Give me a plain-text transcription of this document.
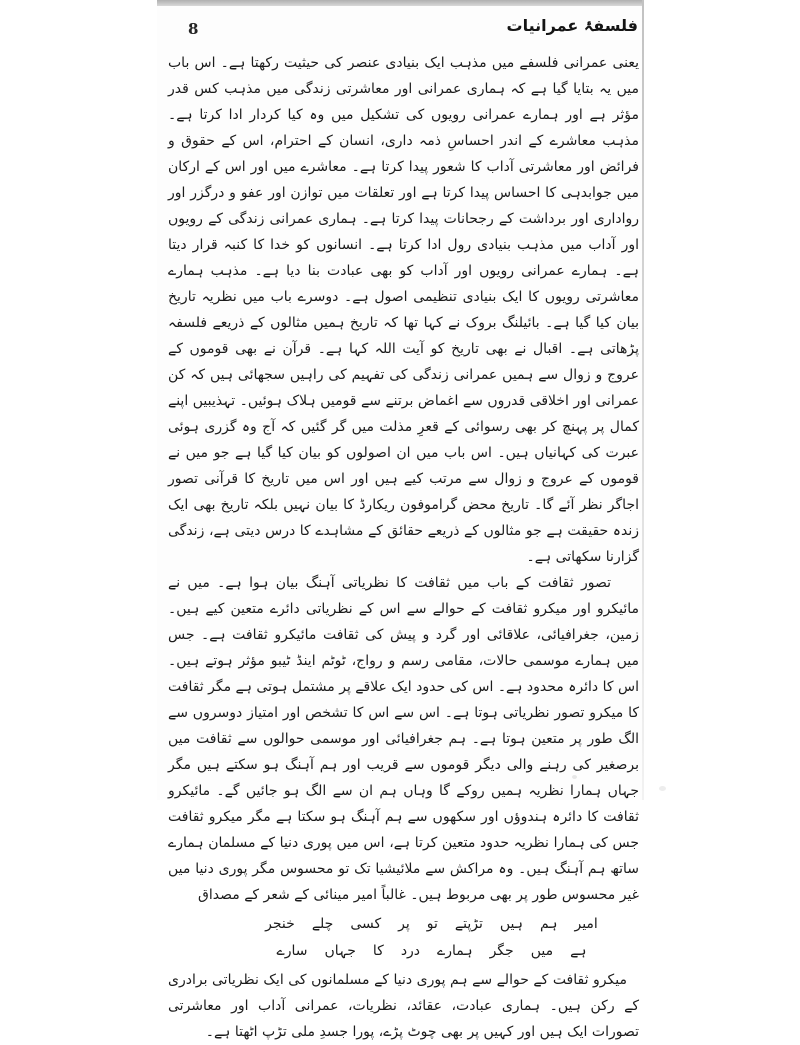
8	فلسفۂ عمرانیات

یعنی عمرانی فلسفے میں مذہب ایک بنیادی عنصر کی حیثیت رکھتا ہے۔ اس باب میں یہ بتایا گیا ہے کہ ہماری عمرانی اور معاشرتی زندگی میں مذہب کس قدر مؤثر ہے اور ہمارے عمرانی رویوں کی تشکیل میں وہ کیا کردار ادا کرتا ہے۔ مذہب معاشرے کے اندر احساسِ ذمہ داری، انسان کے احترام، اس کے حقوق و فرائض اور معاشرتی آداب کا شعور پیدا کرتا ہے۔ معاشرے میں اور اس کے ارکان میں جوابدہی کا احساس پیدا کرتا ہے اور تعلقات میں توازن اور عفو و درگزر اور رواداری اور برداشت کے رجحانات پیدا کرتا ہے۔ ہماری عمرانی زندگی کے رویوں اور آداب میں مذہب بنیادی رول ادا کرتا ہے۔ انسانوں کو خدا کا کنبہ قرار دیتا ہے۔ ہمارے عمرانی رویوں اور آداب کو بھی عبادت بنا دیا ہے۔ مذہب ہمارے معاشرتی رویوں کا ایک بنیادی تنظیمی اصول ہے۔ دوسرے باب میں نظریہ تاریخ بیان کیا گیا ہے۔ بائیلنگ بروک نے کہا تھا کہ تاریخ ہمیں مثالوں کے ذریعے فلسفہ پڑھاتی ہے۔ اقبال نے بھی تاریخ کو آیت اللہ کہا ہے۔ قرآن نے بھی قوموں کے عروج و زوال سے ہمیں عمرانی زندگی کی تفہیم کی راہیں سجھائی ہیں کہ کن عمرانی اور اخلاقی قدروں سے اغماض برتنے سے قومیں ہلاک ہوئیں۔ تہذیبیں اپنے کمال پر پہنچ کر بھی رسوائی کے قعرِ مذلت میں گر گئیں کہ آج وہ گزری ہوئی عبرت کی کہانیاں ہیں۔ اس باب میں ان اصولوں کو بیان کیا گیا ہے جو میں نے قوموں کے عروج و زوال سے مرتب کیے ہیں اور اس میں تاریخ کا قرآنی تصور اجاگر نظر آئے گا۔ تاریخ محض گراموفون ریکارڈ کا بیان نہیں بلکہ تاریخ بھی ایک زندہ حقیقت ہے جو مثالوں کے ذریعے حقائق کے مشاہدے کا درس دیتی ہے، زندگی گزارنا سکھاتی ہے۔

تصور ثقافت کے باب میں ثقافت کا نظریاتی آہنگ بیان ہوا ہے۔ میں نے مائیکرو اور میکرو ثقافت کے حوالے سے اس کے نظریاتی دائرے متعین کیے ہیں۔ زمین، جغرافیائی، علاقائی اور گرد و پیش کی ثقافت مائیکرو ثقافت ہے۔ جس میں ہمارے موسمی حالات، مقامی رسم و رواج، ٹوٹم اینڈ ٹیبو مؤثر ہوتے ہیں۔ اس کا دائرہ محدود ہے۔ اس کی حدود ایک علاقے پر مشتمل ہوتی ہے مگر ثقافت کا میکرو تصور نظریاتی ہوتا ہے۔ اس سے اس کا تشخص اور امتیاز دوسروں سے الگ طور پر متعین ہوتا ہے۔ ہم جغرافیائی اور موسمی حوالوں سے ثقافت میں برصغیر کی رہنے والی دیگر قوموں سے قریب اور ہم آہنگ ہو سکتے ہیں مگر جہاں ہمارا نظریہ ہمیں روکے گا وہاں ہم ان سے الگ ہو جائیں گے۔ مائیکرو ثقافت کا دائرہ ہندوؤں اور سکھوں سے ہم آہنگ ہو سکتا ہے مگر میکرو ثقافت جس کی ہمارا نظریہ حدود متعین کرتا ہے، اس میں پوری دنیا کے مسلمان ہمارے ساتھ ہم آہنگ ہیں۔ وہ مراکش سے ملائیشیا تک تو محسوس مگر پوری دنیا میں غیر محسوس طور پر بھی مربوط ہیں۔ غالباً امیر مینائی کے شعر کے مصداق

خنجر چلے کسی پر تو تڑپتے ہیں ہم امیر
سارے جہاں کا درد ہمارے جگر میں ہے

میکرو ثقافت کے حوالے سے ہم پوری دنیا کے مسلمانوں کی ایک نظریاتی برادری کے رکن ہیں۔ ہماری عبادت، عقائد، نظریات، عمرانی آداب اور معاشرتی تصورات ایک ہیں اور کہیں پر بھی چوٹ پڑے، پورا جسدِ ملی تڑپ اٹھتا ہے۔
